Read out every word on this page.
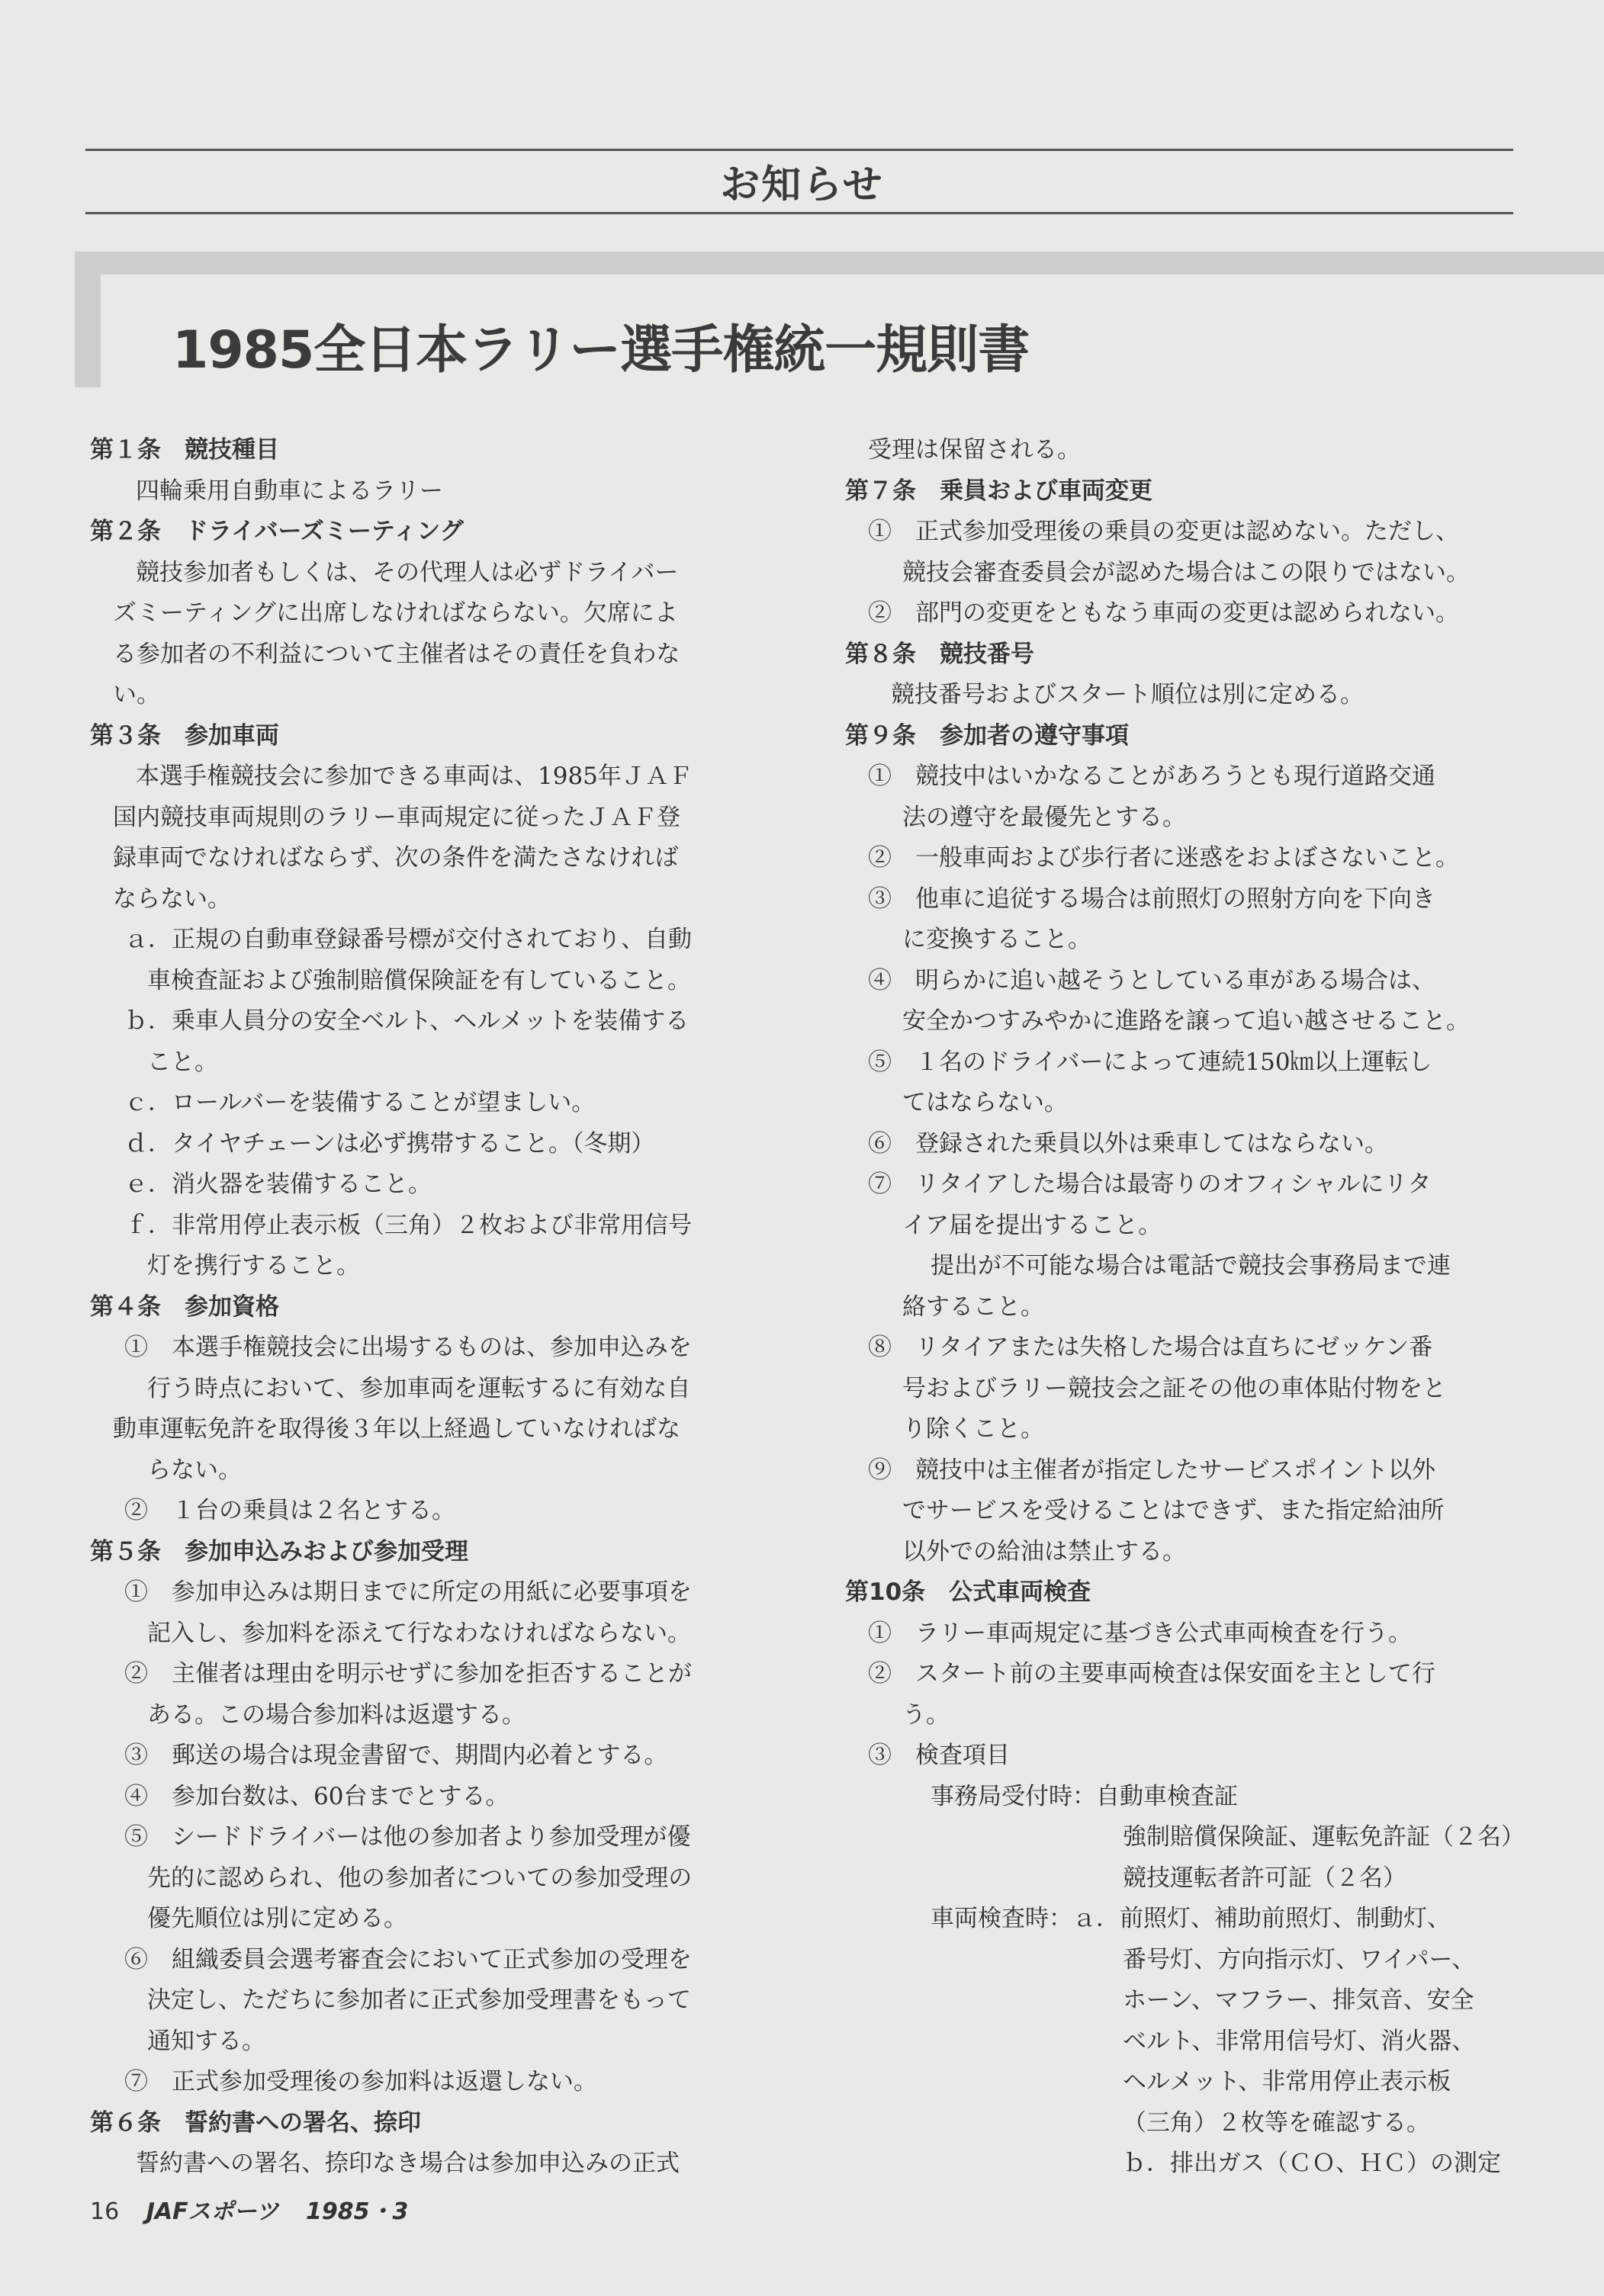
お知らせ
1985全日本ラリー選手権統一規則書
第１条　競技種目
四輪乗用自動車によるラリー
第２条　ドライバーズミーティング
競技参加者もしくは、その代理人は必ずドライバー
ズミーティングに出席しなければならない。欠席によ
る参加者の不利益について主催者はその責任を負わな
い。
第３条　参加車両
本選手権競技会に参加できる車両は、1985年ＪＡＦ
国内競技車両規則のラリー車両規定に従ったＪＡＦ登
録車両でなければならず、次の条件を満たさなければ
ならない。
ａ．正規の自動車登録番号標が交付されており、自動
車検査証および強制賠償保険証を有していること。
ｂ．乗車人員分の安全ベルト、ヘルメットを装備する
こと。
ｃ．ロールバーを装備することが望ましい。
ｄ．タイヤチェーンは必ず携帯すること。（冬期）
ｅ．消火器を装備すること。
ｆ．非常用停止表示板（三角）２枚および非常用信号
灯を携行すること。
第４条　参加資格
①　本選手権競技会に出場するものは、参加申込みを
行う時点において、参加車両を運転するに有効な自
動車運転免許を取得後３年以上経過していなければな
らない。
②　１台の乗員は２名とする。
第５条　参加申込みおよび参加受理
①　参加申込みは期日までに所定の用紙に必要事項を
記入し、参加料を添えて行なわなければならない。
②　主催者は理由を明示せずに参加を拒否することが
ある。この場合参加料は返還する。
③　郵送の場合は現金書留で、期間内必着とする。
④　参加台数は、60台までとする。
⑤　シードドライバーは他の参加者より参加受理が優
先的に認められ、他の参加者についての参加受理の
優先順位は別に定める。
⑥　組織委員会選考審査会において正式参加の受理を
決定し、ただちに参加者に正式参加受理書をもって
通知する。
⑦　正式参加受理後の参加料は返還しない。
第６条　誓約書への署名、捺印
誓約書への署名、捺印なき場合は参加申込みの正式
受理は保留される。
第７条　乗員および車両変更
①　正式参加受理後の乗員の変更は認めない。ただし、
競技会審査委員会が認めた場合はこの限りではない。
②　部門の変更をともなう車両の変更は認められない。
第８条　競技番号
競技番号およびスタート順位は別に定める。
第９条　参加者の遵守事項
①　競技中はいかなることがあろうとも現行道路交通
法の遵守を最優先とする。
②　一般車両および歩行者に迷惑をおよぼさないこと。
③　他車に追従する場合は前照灯の照射方向を下向き
に変換すること。
④　明らかに追い越そうとしている車がある場合は、
安全かつすみやかに進路を譲って追い越させること。
⑤　１名のドライバーによって連続150㎞以上運転し
てはならない。
⑥　登録された乗員以外は乗車してはならない。
⑦　リタイアした場合は最寄りのオフィシャルにリタ
イア届を提出すること。
提出が不可能な場合は電話で競技会事務局まで連
絡すること。
⑧　リタイアまたは失格した場合は直ちにゼッケン番
号およびラリー競技会之証その他の車体貼付物をと
り除くこと。
⑨　競技中は主催者が指定したサービスポイント以外
でサービスを受けることはできず、また指定給油所
以外での給油は禁止する。
第10条　公式車両検査
①　ラリー車両規定に基づき公式車両検査を行う。
②　スタート前の主要車両検査は保安面を主として行
う。
③　検査項目
事務局受付時：自動車検査証
強制賠償保険証、運転免許証（２名）
競技運転者許可証（２名）
車両検査時：ａ．前照灯、補助前照灯、制動灯、
番号灯、方向指示灯、ワイパー、
ホーン、マフラー、排気音、安全
ベルト、非常用信号灯、消火器、
ヘルメット、非常用停止表示板
（三角）２枚等を確認する。
ｂ．排出ガス（ＣＯ、ＨＣ）の測定
16 JAFスポーツ 1985・3
